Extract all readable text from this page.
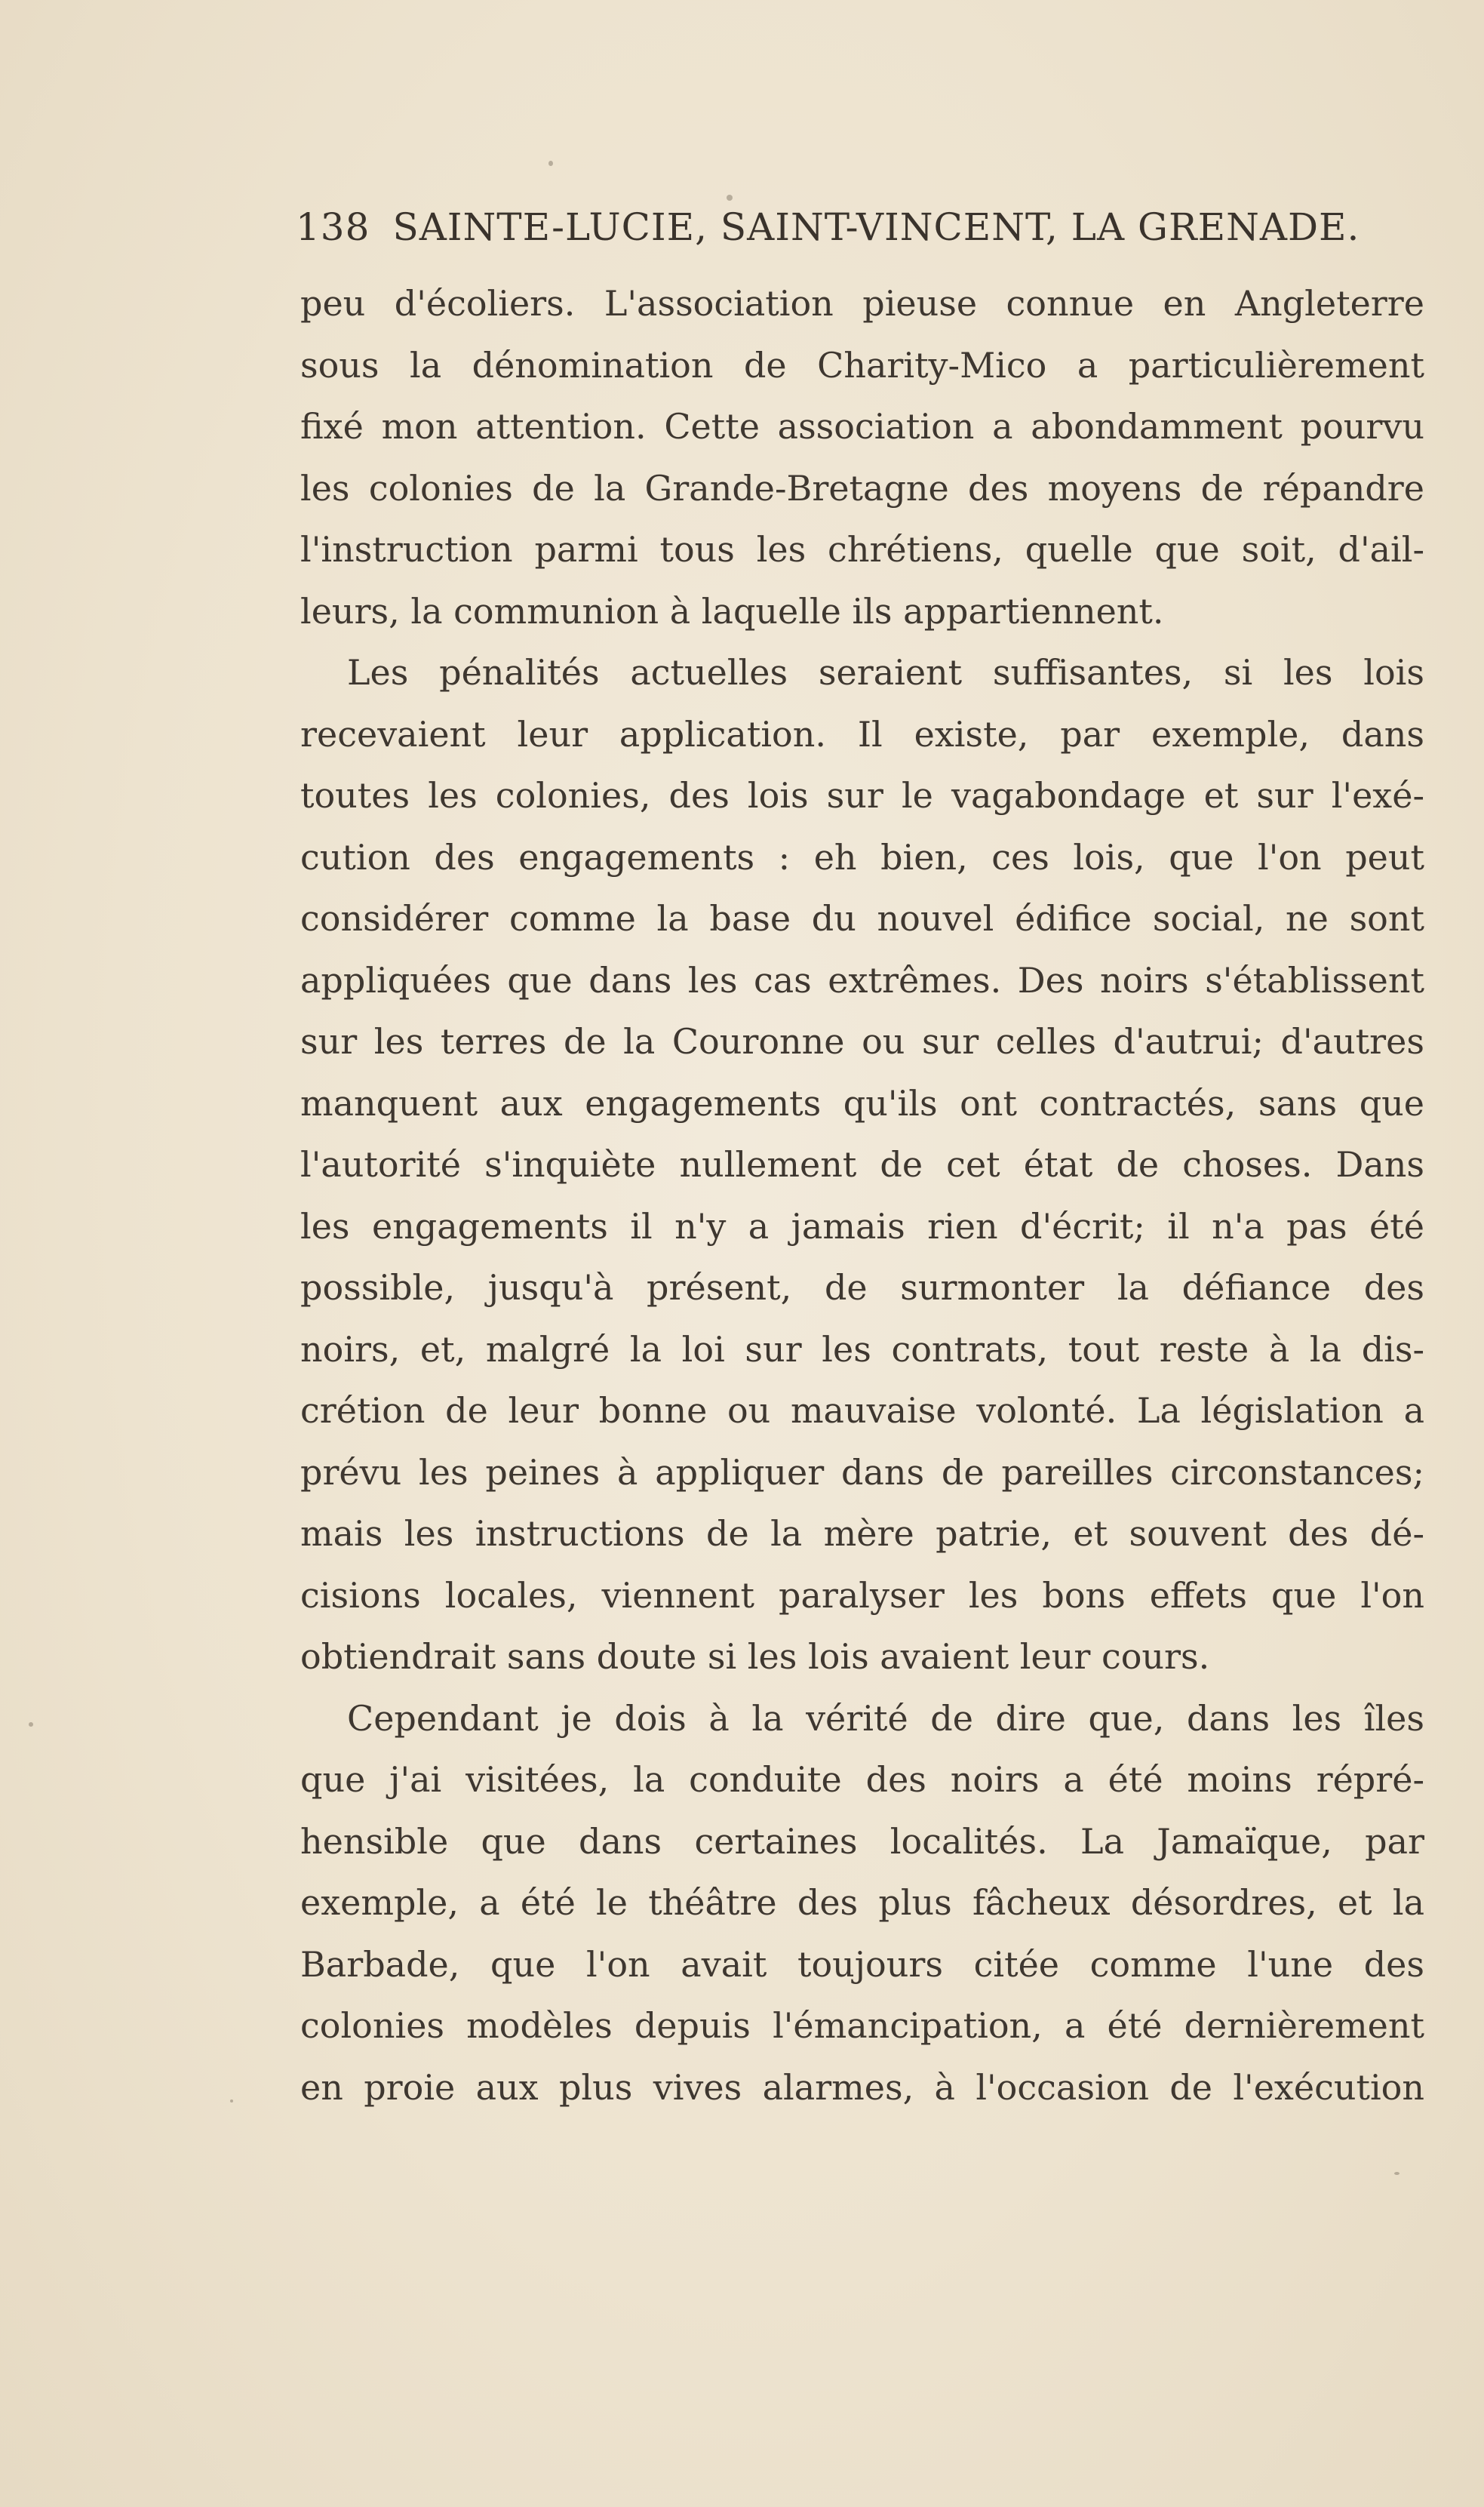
138 SAINTE-LUCIE, SAINT-VINCENT, LA GRENADE.
peu d'écoliers. L'association pieuse connue en Angleterre
sous la dénomination de Charity-Mico a particulièrement
fixé mon attention. Cette association a abondamment pourvu
les colonies de la Grande-Bretagne des moyens de répandre
l'instruction parmi tous les chrétiens, quelle que soit, d'ail-
leurs, la communion à laquelle ils appartiennent.
Les pénalités actuelles seraient suffisantes, si les lois
recevaient leur application. Il existe, par exemple, dans
toutes les colonies, des lois sur le vagabondage et sur l'exé-
cution des engagements : eh bien, ces lois, que l'on peut
considérer comme la base du nouvel édifice social, ne sont
appliquées que dans les cas extrêmes. Des noirs s'établissent
sur les terres de la Couronne ou sur celles d'autrui; d'autres
manquent aux engagements qu'ils ont contractés, sans que
l'autorité s'inquiète nullement de cet état de choses. Dans
les engagements il n'y a jamais rien d'écrit; il n'a pas été
possible, jusqu'à présent, de surmonter la défiance des
noirs, et, malgré la loi sur les contrats, tout reste à la dis-
crétion de leur bonne ou mauvaise volonté. La législation a
prévu les peines à appliquer dans de pareilles circonstances;
mais les instructions de la mère patrie, et souvent des dé-
cisions locales, viennent paralyser les bons effets que l'on
obtiendrait sans doute si les lois avaient leur cours.
Cependant je dois à la vérité de dire que, dans les îles
que j'ai visitées, la conduite des noirs a été moins répré-
hensible que dans certaines localités. La Jamaïque, par
exemple, a été le théâtre des plus fâcheux désordres, et la
Barbade, que l'on avait toujours citée comme l'une des
colonies modèles depuis l'émancipation, a été dernièrement
en proie aux plus vives alarmes, à l'occasion de l'exécution
